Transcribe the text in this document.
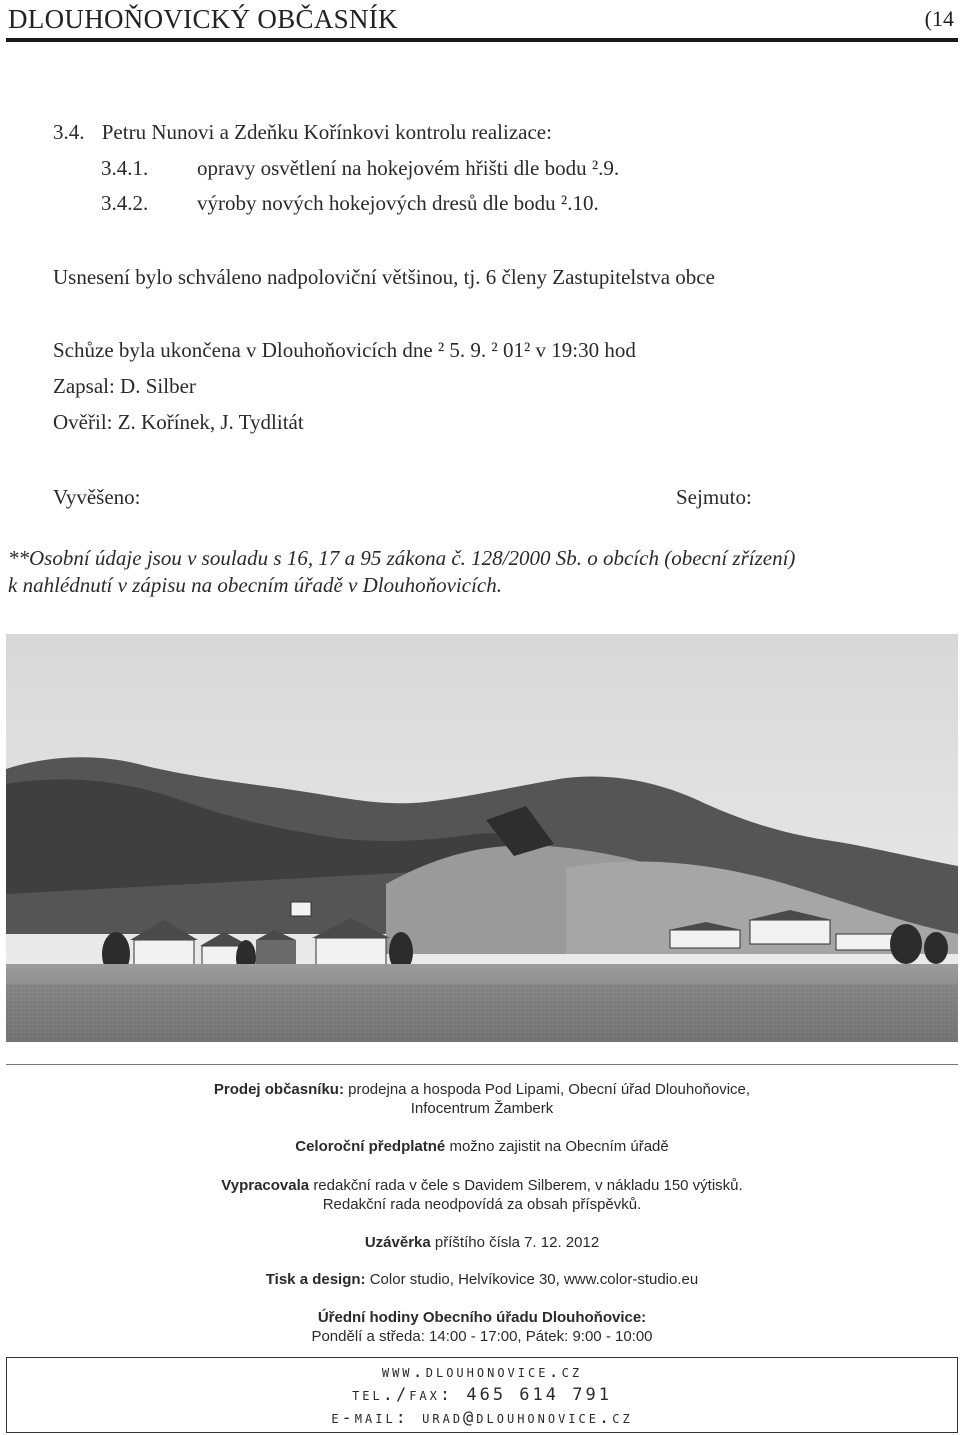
DLOUHOŇOVICKÝ OBČASNÍK	(14
3.4. Petru Nunovi a Zdeňku Kořínkovi kontrolu realizace:
3.4.1. opravy osvětlení na hokejovém hřišti dle bodu ².9.
3.4.2. výroby nových hokejových dresů dle bodu ².10.
Usnesení bylo schváleno nadpoloviční většinou, tj. 6 členy Zastupitelstva obce
Schůze byla ukončena v Dlouhoňovicích dne ² 5. 9. ² 01² v 19:30 hod
Zapsal: D. Silber
Ověřil: Z. Kořínek, J. Tydlitát
Vyvěšeno:	Sejmuto:
**Osobní údaje jsou v souladu s 16, 17 a 95 zákona č. 128/2000 Sb. o obcích (obecní zřízení)
k nahlédnutí v zápisu na obecním úřadě v Dlouhoňovicích.
Prodej občasníku: prodejna a hospoda Pod Lipami, Obecní úřad Dlouhoňovice,
Infocentrum Žamberk
Celoroční předplatné možno zajistit na Obecním úřadě
Vypracovala redakční rada v čele s Davidem Silberem, v nákladu 150 výtisků.
Redakční rada neodpovídá za obsah příspěvků.
Uzávěrka příštího čísla 7. 12. 2012
Tisk a design: Color studio, Helvíkovice 30, www.color-studio.eu
Úřední hodiny Obecního úřadu Dlouhoňovice:
Pondělí a středa: 14:00 - 17:00, Pátek: 9:00 - 10:00
www.dlouhonovice.cz
tel./fax: 465 614 791
e-mail: urad@dlouhonovice.cz
